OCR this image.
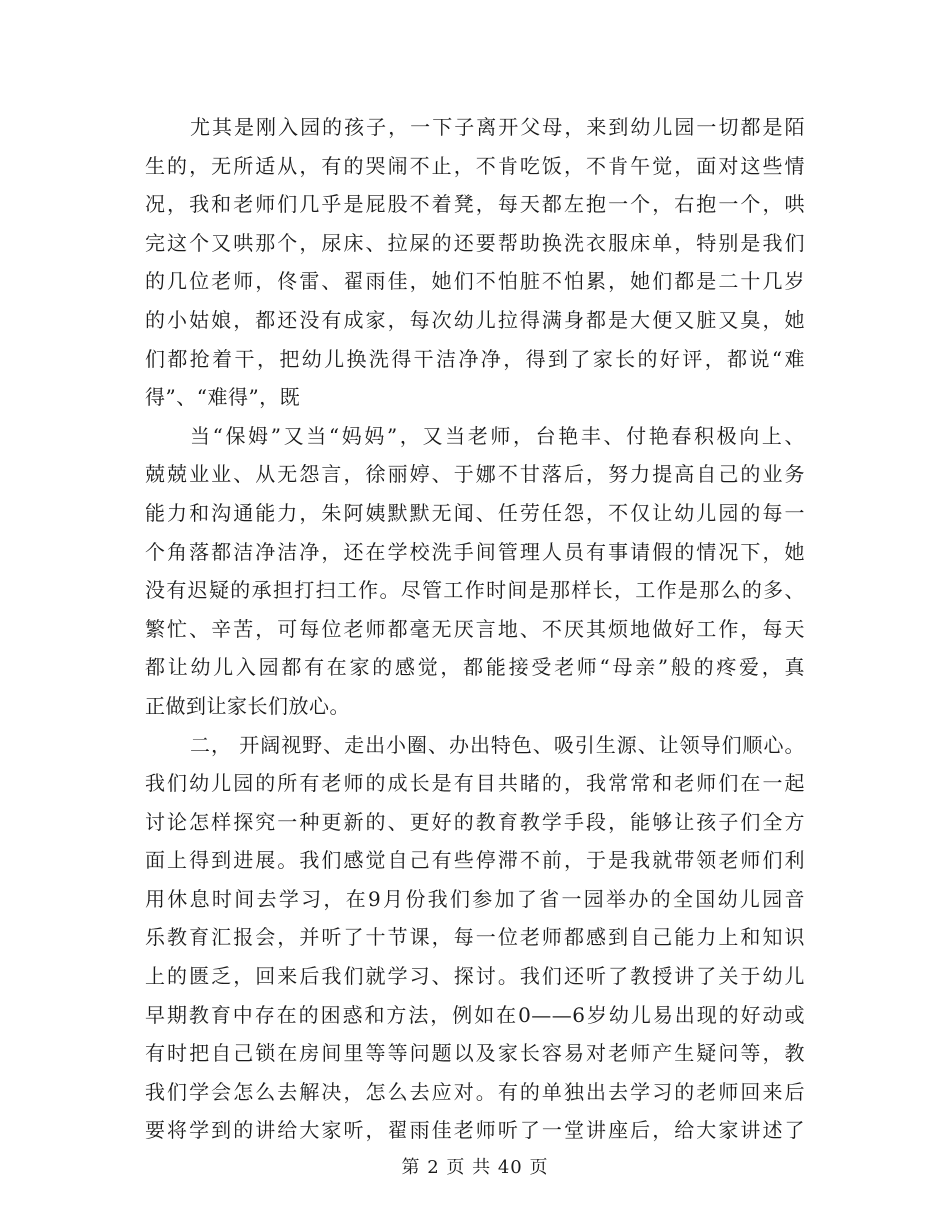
尤其是刚入园的孩子，一下子离开父母，来到幼儿园一切都是陌
生的，无所适从，有的哭闹不止，不肯吃饭，不肯午觉，面对这些情
况，我和老师们几乎是屁股不着凳，每天都左抱一个，右抱一个，哄
完这个又哄那个，尿床、拉屎的还要帮助换洗衣服床单，特别是我们
的几位老师，佟雷、翟雨佳，她们不怕脏不怕累，她们都是二十几岁
的小姑娘，都还没有成家，每次幼儿拉得满身都是大便又脏又臭，她
们都抢着干，把幼儿换洗得干洁净净，得到了家长的好评，都说“难
得”、“难得”，既
当“保姆”又当“妈妈”，又当老师，台艳丰、付艳春积极向上、
兢兢业业、从无怨言，徐丽婷、于娜不甘落后，努力提高自己的业务
能力和沟通能力，朱阿姨默默无闻、任劳任怨，不仅让幼儿园的每一
个角落都洁净洁净，还在学校洗手间管理人员有事请假的情况下，她
没有迟疑的承担打扫工作。尽管工作时间是那样长，工作是那么的多、
繁忙、辛苦，可每位老师都毫无厌言地、不厌其烦地做好工作，每天
都让幼儿入园都有在家的感觉，都能接受老师“母亲”般的疼爱，真
正做到让家长们放心。
二， 开阔视野、走出小圈、办出特色、吸引生源、让领导们顺心。
我们幼儿园的所有老师的成长是有目共睹的，我常常和老师们在一起
讨论怎样探究一种更新的、更好的教育教学手段，能够让孩子们全方
面上得到进展。我们感觉自己有些停滞不前，于是我就带领老师们利
用休息时间去学习，在9月份我们参加了省一园举办的全国幼儿园音
乐教育汇报会，并听了十节课，每一位老师都感到自己能力上和知识
上的匮乏，回来后我们就学习、探讨。我们还听了教授讲了关于幼儿
早期教育中存在的困惑和方法，例如在0——6岁幼儿易出现的好动或
有时把自己锁在房间里等等问题以及家长容易对老师产生疑问等，教
我们学会怎么去解决，怎么去应对。有的单独出去学习的老师回来后
要将学到的讲给大家听，翟雨佳老师听了一堂讲座后，给大家讲述了
第 2 页 共 40 页
